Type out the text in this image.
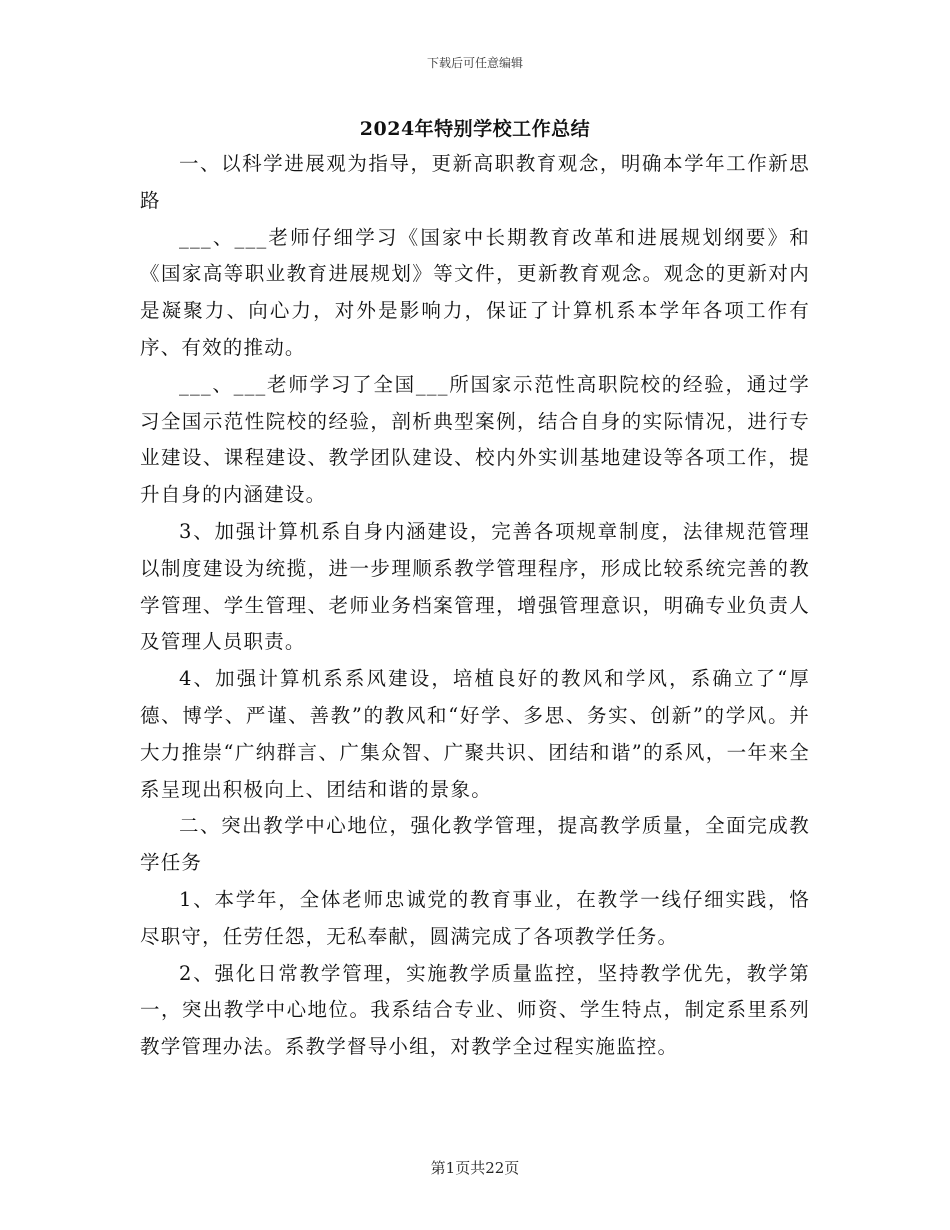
下载后可任意编辑
2024年特别学校工作总结

一、以科学进展观为指导，更新高职教育观念，明确本学年工作新思路

___、___老师仔细学习《国家中长期教育改革和进展规划纲要》和《国家高等职业教育进展规划》等文件，更新教育观念。观念的更新对内是凝聚力、向心力，对外是影响力，保证了计算机系本学年各项工作有序、有效的推动。

___、___老师学习了全国___所国家示范性高职院校的经验，通过学习全国示范性院校的经验，剖析典型案例，结合自身的实际情况，进行专业建设、课程建设、教学团队建设、校内外实训基地建设等各项工作，提升自身的内涵建设。

3、加强计算机系自身内涵建设，完善各项规章制度，法律规范管理以制度建设为统揽，进一步理顺系教学管理程序，形成比较系统完善的教学管理、学生管理、老师业务档案管理，增强管理意识，明确专业负责人及管理人员职责。

4、加强计算机系系风建设，培植良好的教风和学风，系确立了“厚德、博学、严谨、善教”的教风和“好学、多思、务实、创新”的学风。并大力推崇“广纳群言、广集众智、广聚共识、团结和谐”的系风，一年来全系呈现出积极向上、团结和谐的景象。

二、突出教学中心地位，强化教学管理，提高教学质量，全面完成教学任务

1、本学年，全体老师忠诚党的教育事业，在教学一线仔细实践，恪尽职守，任劳任怨，无私奉献，圆满完成了各项教学任务。

2、强化日常教学管理，实施教学质量监控，坚持教学优先，教学第一，突出教学中心地位。我系结合专业、师资、学生特点，制定系里系列教学管理办法。系教学督导小组，对教学全过程实施监控。

第1页共22页
